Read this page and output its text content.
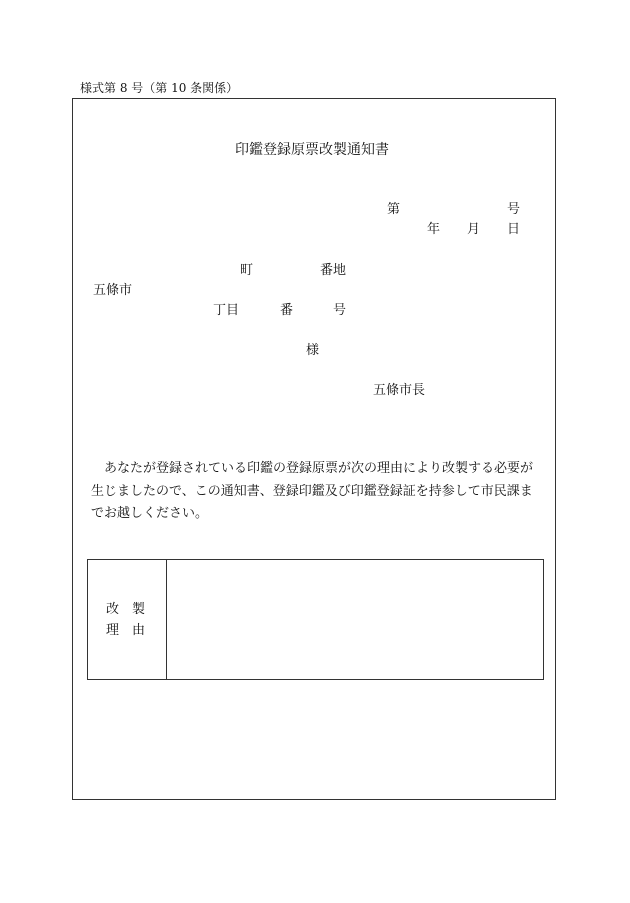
様式第 8 号（第 10 条関係）
印鑑登録原票改製通知書
第	号
年 月 日
町	番地
五條市
丁目	番	号
様
五條市長
あなたが登録されている印鑑の登録原票が次の理由により改製する必要が生じましたので、この通知書、登録印鑑及び印鑑登録証を持参して市民課までお越しください。
改　製
理　由
